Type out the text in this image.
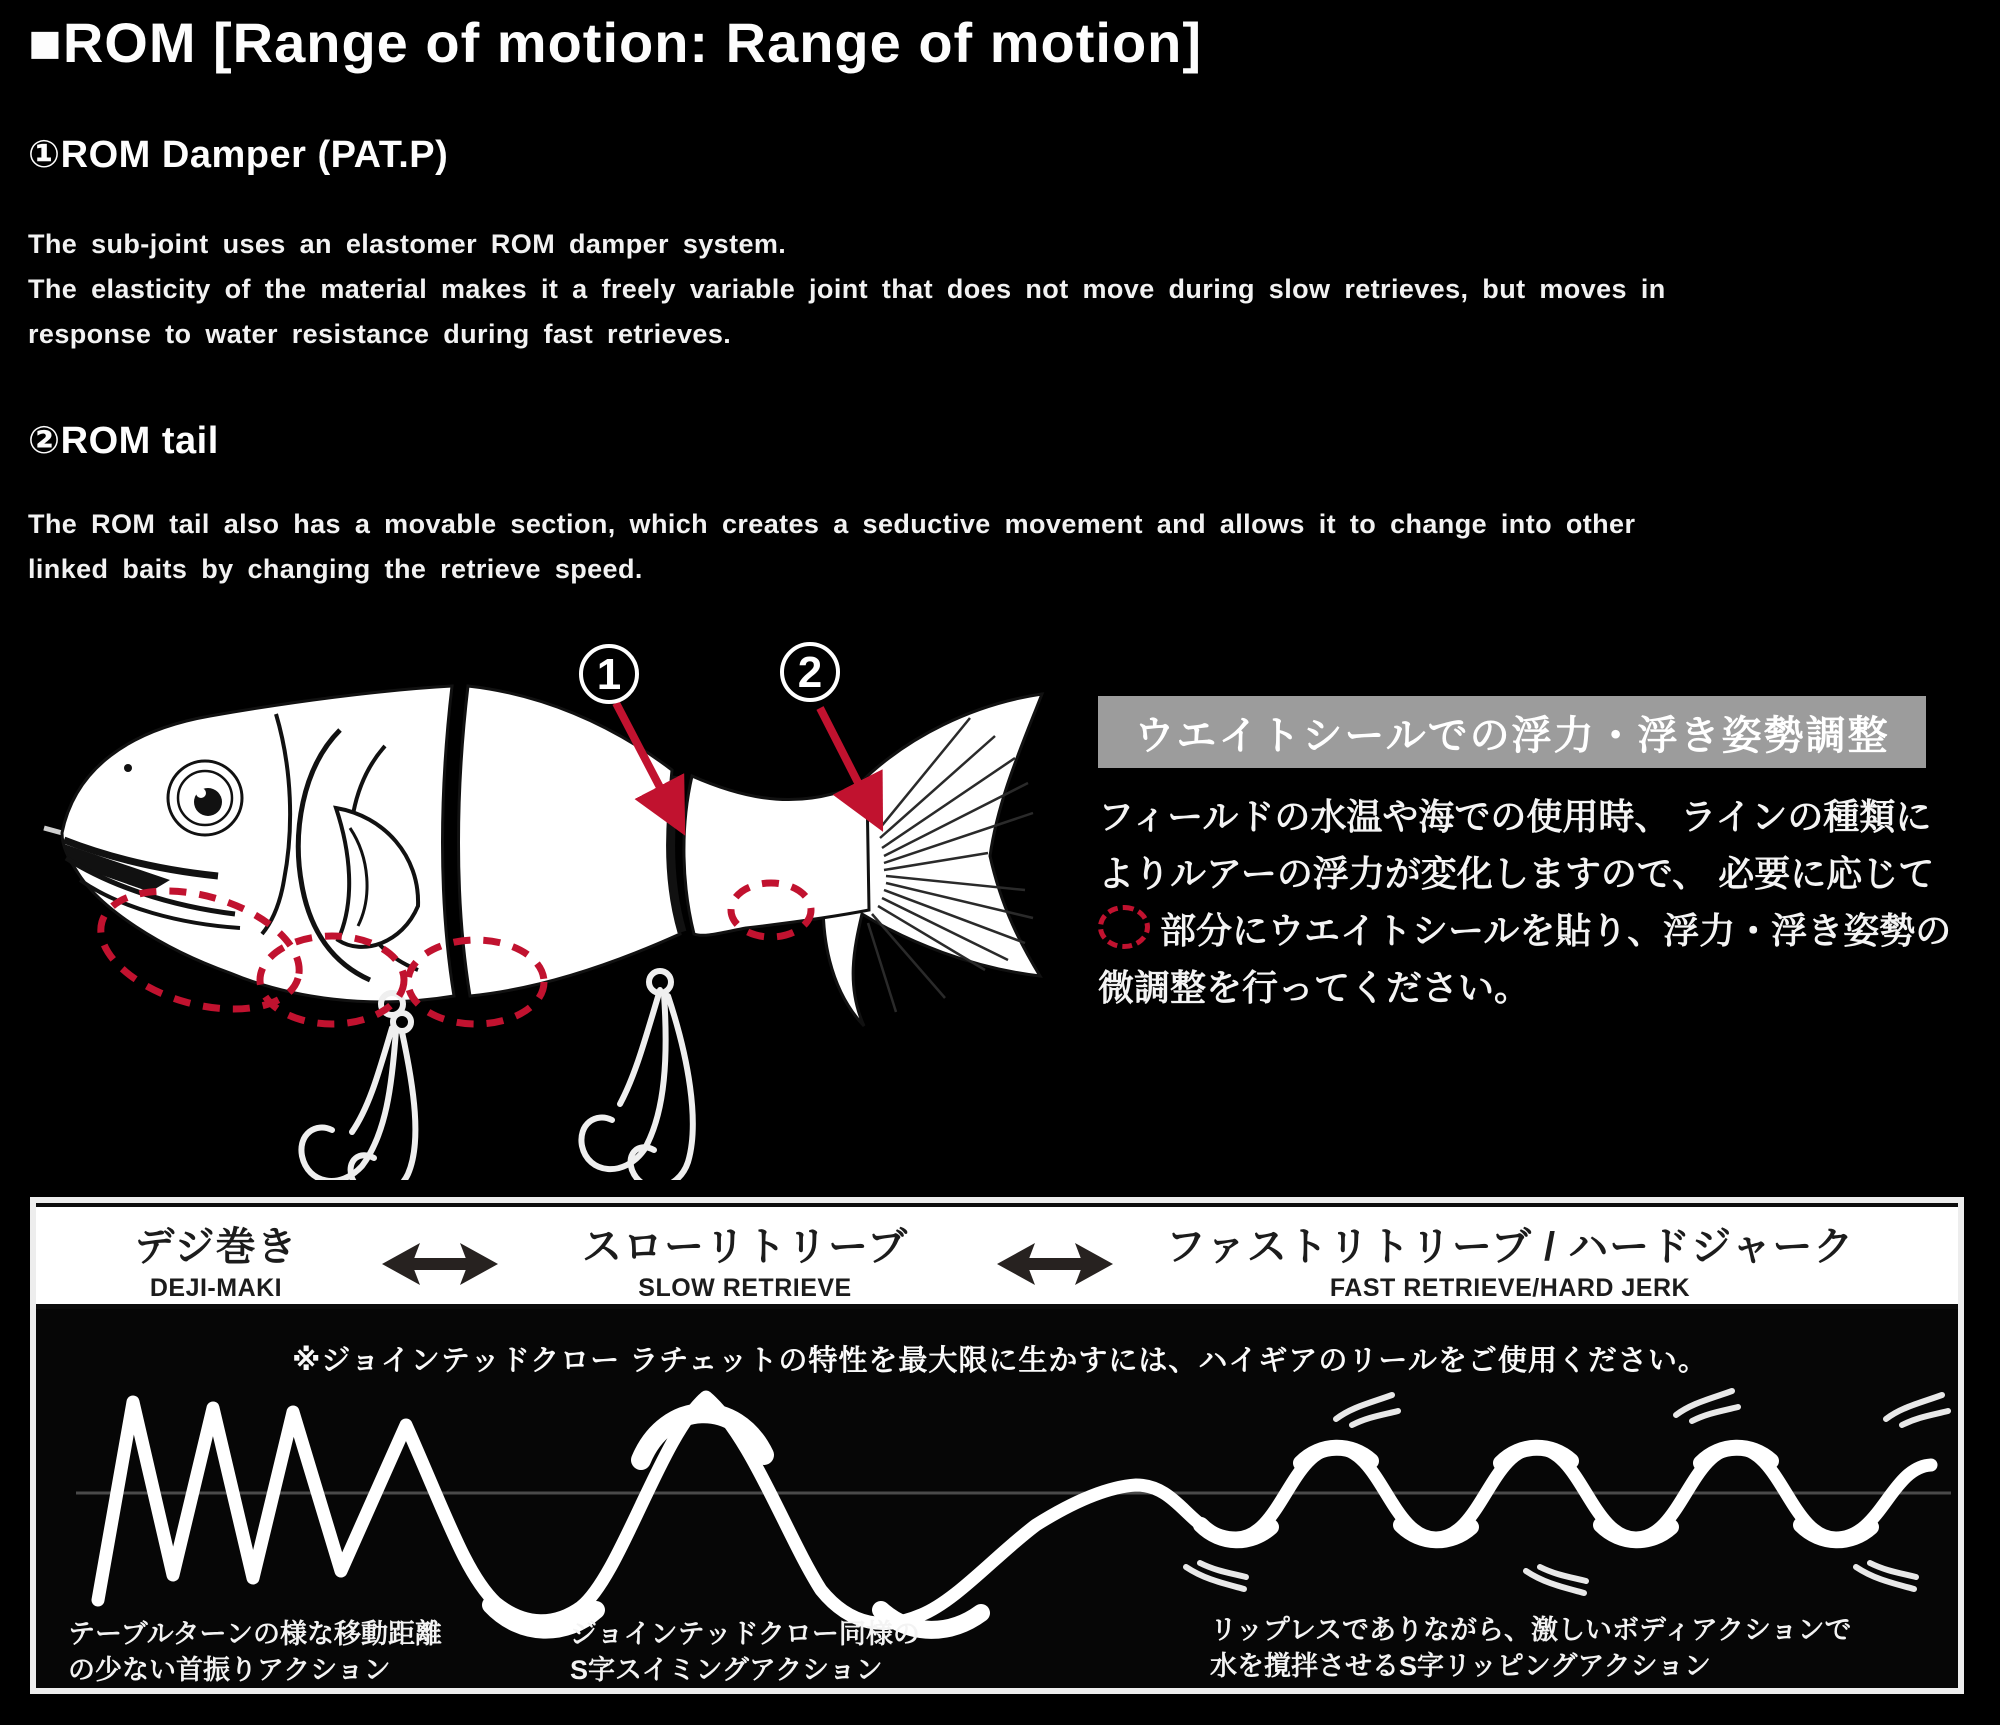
■ROM [Range of motion: Range of motion]
①ROM Damper (PAT.P)
The sub-joint uses an elastomer ROM damper system.
The elasticity of the material makes it a freely variable joint that does not move during slow retrieves, but moves in
response to water resistance during fast retrieves.
②ROM tail
The ROM tail also has a movable section, which creates a seductive movement and allows it to change into other
linked baits by changing the retrieve speed.
1	2
ウエイトシールでの浮力・浮き姿勢調整
フィールドの水温や海での使用時、 ラインの種類に
よりルアーの浮力が変化しますので、 必要に応じて
部分にウエイトシールを貼り、浮力・浮き姿勢の
微調整を行ってください。
デジ巻き
DEJI-MAKI
スローリトリーブ
SLOW RETRIEVE
ファストリトリーブ / ハードジャーク
FAST RETRIEVE/HARD JERK
※ジョインテッドクロー ラチェットの特性を最大限に生かすには、ハイギアのリールをご使用ください。
テーブルターンの様な移動距離
の少ない首振りアクション
ジョインテッドクロー同様の
S字スイミングアクション
リップレスでありながら、激しいボディアクションで
水を撹拌させるS字リッピングアクション
